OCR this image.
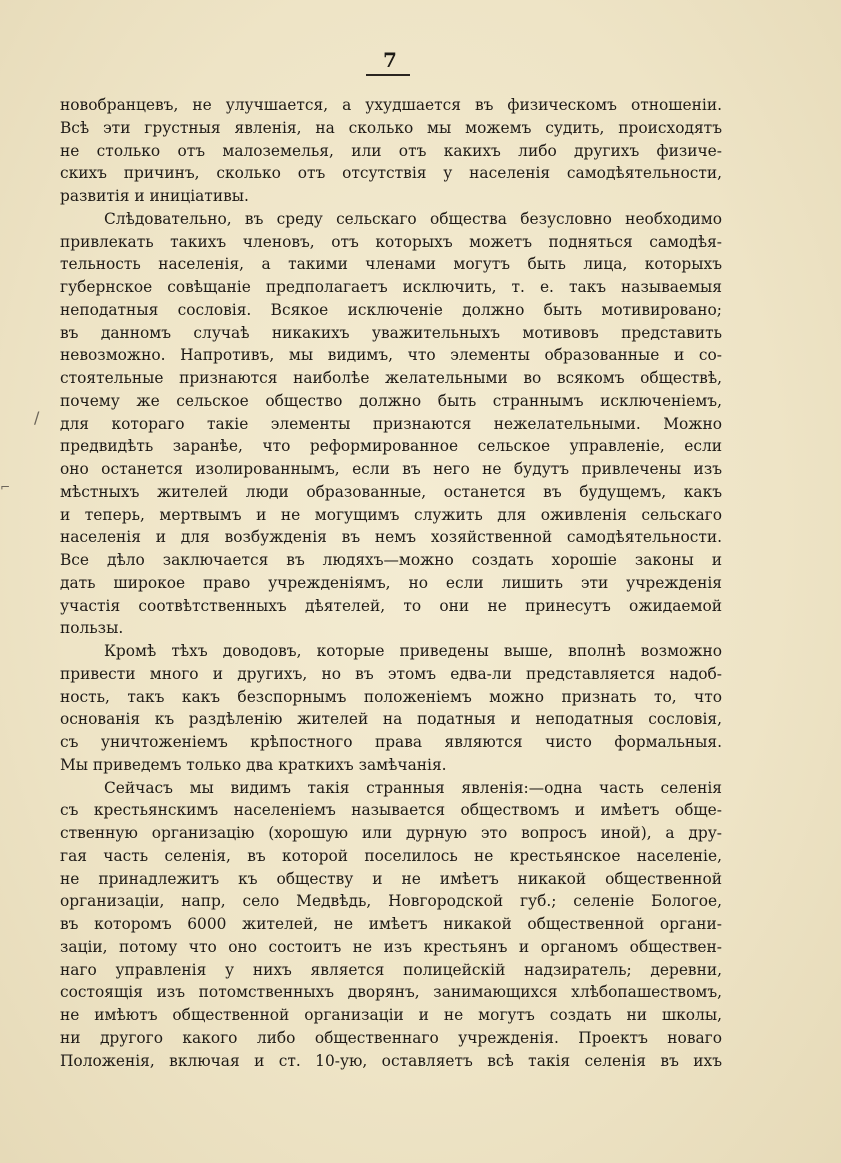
7

новобранцевъ, не улучшается, а ухудшается въ физическомъ отношеніи.
Всѣ эти грустныя явленія, на сколько мы можемъ судить, происходятъ
не столько отъ малоземелья, или отъ какихъ либо другихъ физиче-
скихъ причинъ, сколько отъ отсутствія у населенія самодѣятельности,
развитія и иниціативы.

Слѣдовательно, въ среду сельскаго общества безусловно необходимо
привлекать такихъ членовъ, отъ которыхъ можетъ подняться самодѣя-
тельность населенія, а такими членами могутъ быть лица, которыхъ
губернское совѣщаніе предполагаетъ исключить, т. е. такъ называемыя
неподатныя сословія. Всякое исключеніе должно быть мотивировано;
въ данномъ случаѣ никакихъ уважительныхъ мотивовъ представить
невозможно. Напротивъ, мы видимъ, что элементы образованные и со-
стоятельные признаются наиболѣе желательными во всякомъ обществѣ,
почему же сельское общество должно быть страннымъ исключеніемъ,
для котораго такіе элементы признаются нежелательными. Можно
предвидѣть заранѣе, что реформированное сельское управленіе, если
оно останется изолированнымъ, если въ него не будутъ привлечены изъ
мѣстныхъ жителей люди образованные, останется въ будущемъ, какъ
и теперь, мертвымъ и не могущимъ служить для оживленія сельскаго
населенія и для возбужденія въ немъ хозяйственной самодѣятельности.
Все дѣло заключается въ людяхъ—можно создать хорошіе законы и
дать широкое право учрежденіямъ, но если лишить эти учрежденія
участія соотвѣтственныхъ дѣятелей, то они не принесутъ ожидаемой
пользы.

Кромѣ тѣхъ доводовъ, которые приведены выше, вполнѣ возможно
привести много и другихъ, но въ этомъ едва-ли представляется надоб-
ность, такъ какъ безспорнымъ положеніемъ можно признать то, что
основанія къ раздѣленію жителей на податныя и неподатныя сословія,
съ уничтоженіемъ крѣпостного права являются чисто формальныя.
Мы приведемъ только два краткихъ замѣчанія.

Сейчасъ мы видимъ такія странныя явленія:—одна часть селенія
съ крестьянскимъ населеніемъ называется обществомъ и имѣетъ обще-
ственную организацію (хорошую или дурную это вопросъ иной), а дру-
гая часть селенія, въ которой поселилось не крестьянское населеніе,
не принадлежитъ къ обществу и не имѣетъ никакой общественной
организаціи, напр, село Медвѣдь, Новгородской губ.; селеніе Бологое,
въ которомъ 6000 жителей, не имѣетъ никакой общественной органи-
заціи, потому что оно состоитъ не изъ крестьянъ и органомъ обществен-
наго управленія у нихъ является полицейскій надзиратель; деревни,
состоящія изъ потомственныхъ дворянъ, занимающихся хлѣбопашествомъ,
не имѣютъ общественной организаціи и не могутъ создать ни школы,
ни другого какого либо общественнаго учрежденія. Проектъ новаго
Положенія, включая и ст. 10-ую, оставляетъ всѣ такія селенія въ ихъ

/
⌐
